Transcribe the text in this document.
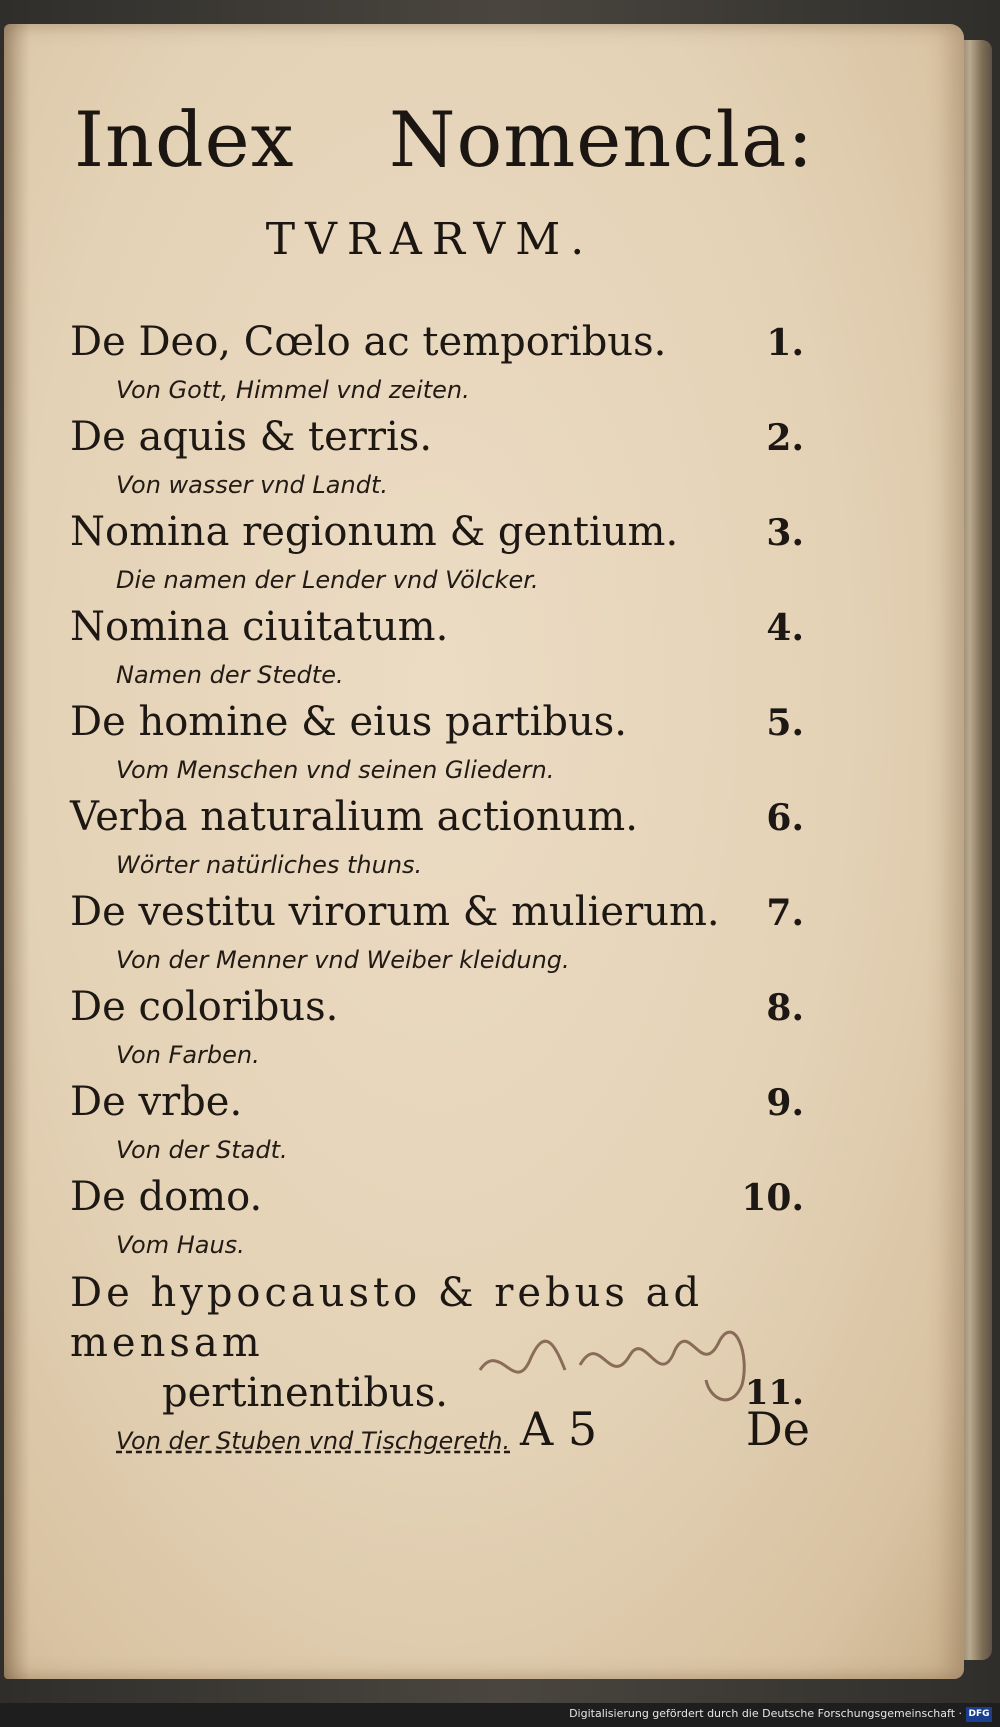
Index Nomencla:
TVRARVM.
De Deo, Cœlo ac temporibus.	1.
Von Gott, Himmel vnd zeiten.
De aquis & terris.	2.
Von wasser vnd Landt.
Nomina regionum & gentium. 3.
Die namen der Lender vnd Völcker.
Nomina ciuitatum.	4.
Namen der Stedte.
De homine & eius partibus.	5.
Vom Menschen vnd seinen Gliedern.
Verba naturalium actionum.	6.
Wörter natürliches thuns.
De vestitu virorum & mulierum. 7.
Von der Menner vnd Weiber kleidung.
De coloribus.	8.
Von Farben.
De vrbe.	9.
Von der Stadt.
De domo.	10.
Vom Haus.
De hypocausto & rebus ad mensam
pertinentibus.	11.
Von der Stuben vnd Tischgereth. A 5	De
Digitalisierung gefördert durch die Deutsche Forschungsgemeinschaft · DFG
